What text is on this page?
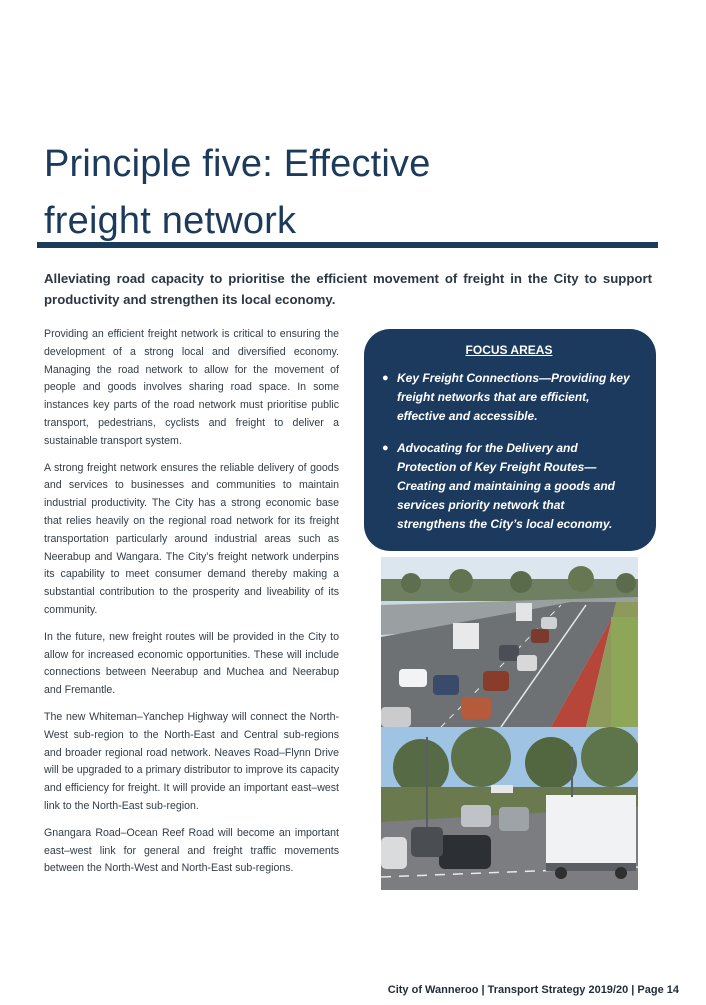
Principle five: Effective
freight network

Alleviating road capacity to prioritise the efficient movement of freight in the City to support productivity and strengthen its local economy.

Providing an efficient freight network is critical to ensuring the development of a strong local and diversified economy. Managing the road network to allow for the movement of people and goods involves sharing road space. In some instances key parts of the road network must prioritise public transport, pedestrians, cyclists and freight to deliver a sustainable transport system.

A strong freight network ensures the reliable delivery of goods and services to businesses and communities to maintain industrial productivity. The City has a strong economic base that relies heavily on the regional road network for its freight transportation particularly around industrial areas such as Neerabup and Wangara. The City’s freight network underpins its capability to meet consumer demand thereby making a substantial contribution to the prosperity and liveability of its community.

In the future, new freight routes will be provided in the City to allow for increased economic opportunities. These will include connections between Neerabup and Muchea and Neerabup and Fremantle.

The new Whiteman–Yanchep Highway will connect the North-West sub-region to the North-East and Central sub-regions and broader regional road network. Neaves Road–Flynn Drive will be upgraded to a primary distributor to improve its capacity and efficiency for freight. It will provide an important east–west link to the North-East sub-region.

Gnangara Road–Ocean Reef Road will become an important east–west link for general and freight traffic movements between the North-West and North-East sub-regions.

FOCUS AREAS

● Key Freight Connections—Providing key freight networks that are efficient, effective and accessible.
● Advocating for the Delivery and Protection of Key Freight Routes—Creating and maintaining a goods and services priority network that strengthens the City’s local economy.
City of Wanneroo | Transport Strategy 2019/20 | Page 14
